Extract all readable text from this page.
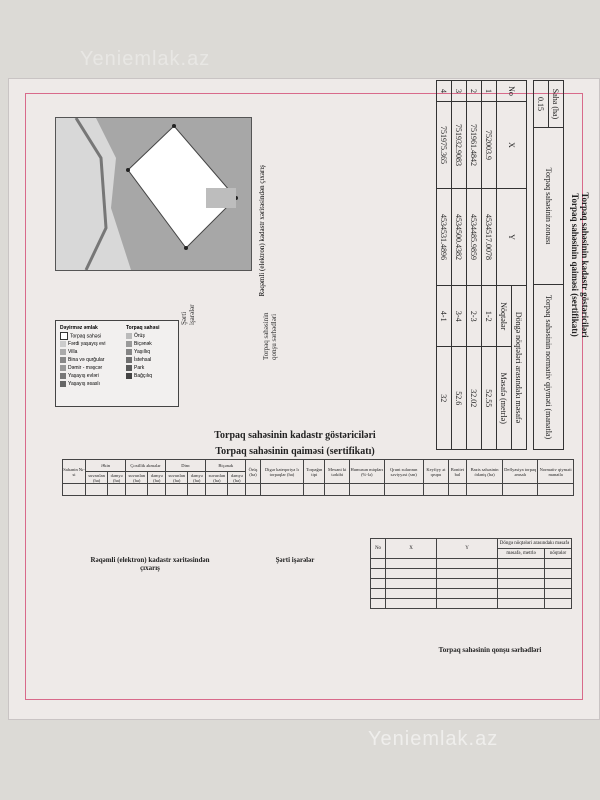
Yeniemlak.az
Torpaq sahəsinin kadastr göstəriciləri
Torpaq sahəsinin qaiməsi (sertifikatı)
Saha (ha)	Torpaq sahəsinin zonası	Torpaq sahəsinin normativ qiyməti (manatla)
0.15
No	X	Y	Döngə nöqtələri arasındakı məsafə	
			Nöqtələr	Məsafə (metrlə)
1	752003.9	4534517.0078	1-2	52.55
2	751961.4842	4534485.9859	2-3	32.02
3	751932.9083	4534500.4382	3-4	52.6
4	751975.365	4534531.4896	4-1	32
Rəqəmli (elektron) kadastr xəritəsindən çıxarış
Torpaq sahəsinin qonşu sərhədləri
Şərti işarələr
Dəyirməz əmlak
Torpaq sahəsi
Fərdi yaşayış evi
Villa
Bina və qurğular
Dəmir - məşcər
Yaşayış evləri
Yaşayış əsaslı
Torpaq sahəsi
Örüş
Biçənək
Yaşıllıq
İstehsal
Park
Bağçılıq
Torpaq sahəsinin kadastr göstəriciləri
Torpaq sahəsinin qaiməsi (sertifikatı)
Sahənin №-si	Əkin		Çoxillik əkmələr		Dinc		Biçənək		Örüş (ha)	Digər kateqoriya lı torpaqlar (ha)	Torpağın tipi	Mexani ki tərkibi	Humusun miqdarı (%-lə)	Qrunt sularının səviyyəsi (sm)	Keyfiyy ət qrupu	Bonitet bal	Bazis sahəsinin ödəniş (ha)	Deflyasiya torpaq əmsalı	Normativ qiyməti manatla
	suvarılan (ha)	dəmyə (ha)	suvarılan (ha)	dəmyə (ha)	suvarılan (ha)	dəmyə (ha)	suvarılan (ha)	dəmyə (ha)											

Rəqəmli (elektron) kadastr xəritəsindən çıxarış
Şərti işarələr
No	X	Y	Döngə nöqtələri arasındakı məsafə	
			məsafə, metrlə	nöqtələr

Torpaq sahəsinin qonşu sərhədləri
Yeniemlak.az
